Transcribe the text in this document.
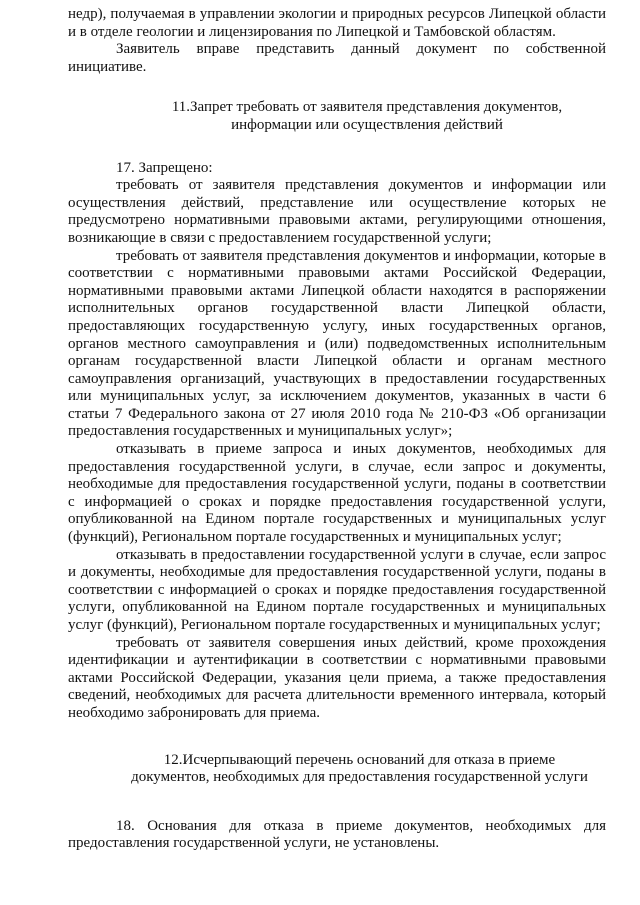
недр), получаемая в управлении экологии и природных ресурсов Липецкой области и в отделе геологии и лицензирования по Липецкой и Тамбовской областям.

Заявитель вправе представить данный документ по собственной инициативе.

11.Запрет требовать от заявителя представления документов,
информации или осуществления действий

17. Запрещено:

требовать от заявителя представления документов и информации или осуществления действий, представление или осуществление которых не предусмотрено нормативными правовыми актами, регулирующими отношения, возникающие в связи с предоставлением государственной услуги;

требовать от заявителя представления документов и информации, которые в соответствии с нормативными правовыми актами Российской Федерации, нормативными правовыми актами Липецкой области находятся в распоряжении исполнительных органов государственной власти Липецкой области, предоставляющих государственную услугу, иных государственных органов, органов местного самоуправления и (или) подведомственных исполнительным органам государственной власти Липецкой области и органам местного самоуправления организаций, участвующих в предоставлении государственных или муниципальных услуг, за исключением документов, указанных в части 6 статьи 7 Федерального закона от 27 июля 2010 года № 210-ФЗ «Об организации предоставления государственных и муниципальных услуг»;

отказывать в приеме запроса и иных документов, необходимых для предоставления государственной услуги, в случае, если запрос и документы, необходимые для предоставления государственной услуги, поданы в соответствии с информацией о сроках и порядке предоставления государственной услуги, опубликованной на Едином портале государственных и муниципальных услуг (функций), Региональном портале государственных и муниципальных услуг;

отказывать в предоставлении государственной услуги в случае, если запрос и документы, необходимые для предоставления государственной услуги, поданы в соответствии с информацией о сроках и порядке предоставления государственной услуги, опубликованной на Едином портале государственных и муниципальных услуг (функций), Региональном портале государственных и муниципальных услуг;

требовать от заявителя совершения иных действий, кроме прохождения идентификации и аутентификации в соответствии с нормативными правовыми актами Российской Федерации, указания цели приема, а также предоставления сведений, необходимых для расчета длительности временного интервала, который необходимо забронировать для приема.

12.Исчерпывающий перечень оснований для отказа в приеме документов, необходимых для предоставления государственной услуги

18. Основания для отказа в приеме документов, необходимых для предоставления государственной услуги, не установлены.
